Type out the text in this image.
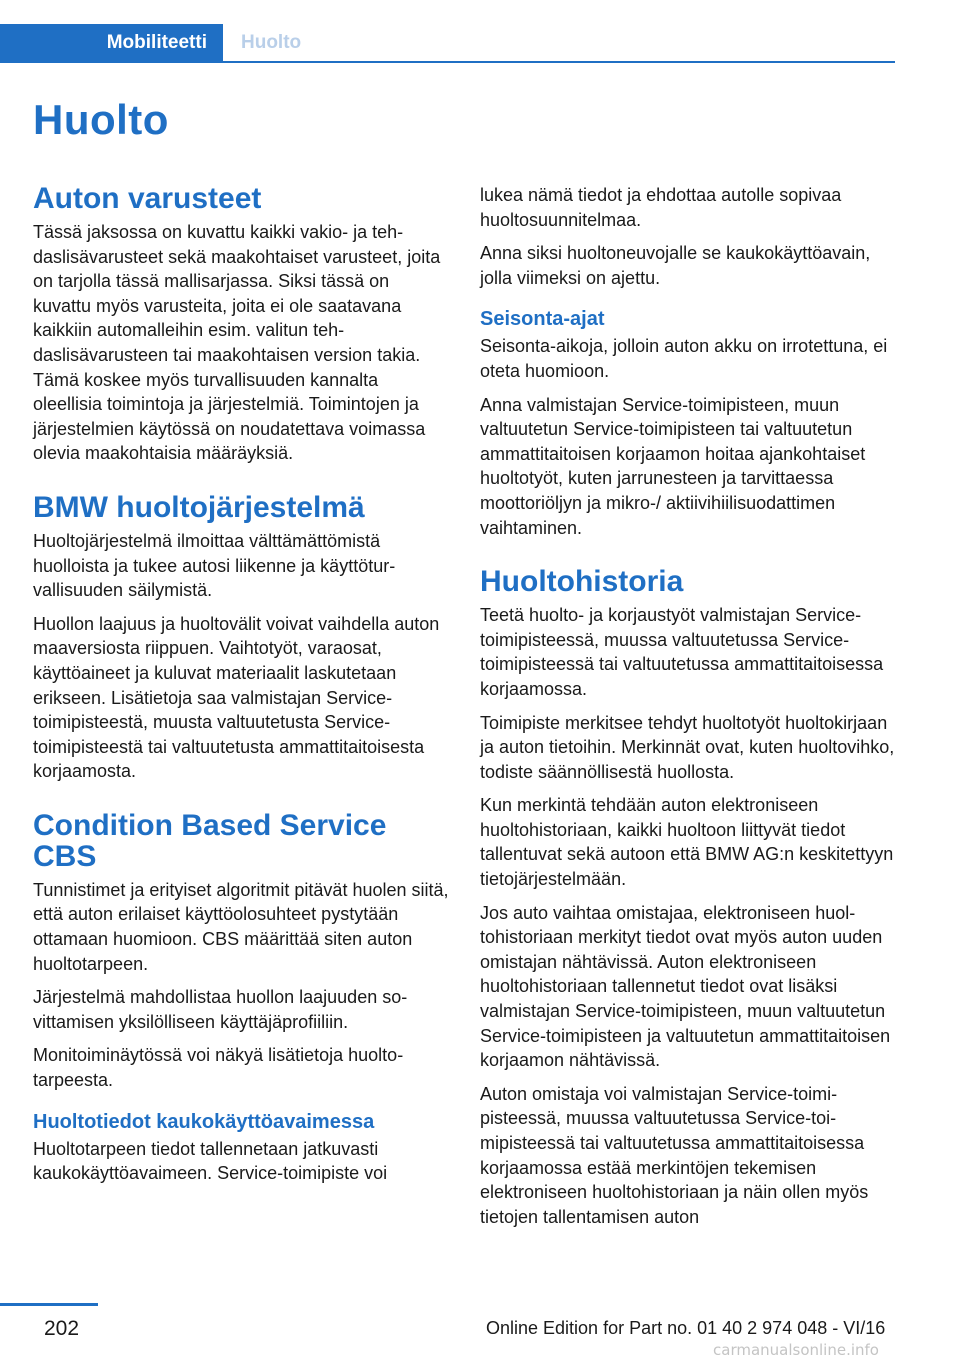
Mobiliteetti	Huolto
Huolto
Auton varusteet

Tässä jaksossa on kuvattu kaikki vakio- ja tehdaslisävarusteet sekä maakohtaiset varusteet, joita on tarjolla tässä mallisarjassa. Siksi tässä on kuvattu myös varusteita, joita ei ole saatavana kaikkiin automalleihin esim. valitun tehdaslisävarusteen tai maakohtaisen version takia. Tämä koskee myös turvallisuuden kannalta oleellisia toimintoja ja järjestelmiä. Toimintojen ja järjestelmien käytössä on noudatettava voimassa olevia maakohtaisia määräyksiä.

BMW huoltojärjestelmä

Huoltojärjestelmä ilmoittaa välttämättömistä huolloista ja tukee autosi liikenne ja käyttöturvallisuuden säilymistä.

Huollon laajuus ja huoltovälit voivat vaihdella auton maaversiosta riippuen. Vaihtotyöt, varaosat, käyttöaineet ja kuluvat materiaalit laskutetaan erikseen. Lisätietoja saa valmistajan Service-toimipisteestä, muusta valtuutetusta Service-toimipisteestä tai valtuutetusta ammattitaitoisesta korjaamosta.

Condition Based Service CBS

Tunnistimet ja erityiset algoritmit pitävät huolen siitä, että auton erilaiset käyttöolosuhteet pystytään ottamaan huomioon. CBS määrittää siten auton huoltotarpeen.

Järjestelmä mahdollistaa huollon laajuuden sovittamisen yksilölliseen käyttäjäprofiiliin.

Monitoiminäytössä voi näkyä lisätietoja huoltotarpeesta.

Huoltotiedot kaukokäyttöavaimessa

Huoltotarpeen tiedot tallennetaan jatkuvasti kaukokäyttöavaimeen. Service-toimipiste voi

lukea nämä tiedot ja ehdottaa autolle sopivaa huoltosuunnitelmaa.

Anna siksi huoltoneuvojalle se kaukokäyttöavain, jolla viimeksi on ajettu.

Seisonta-ajat

Seisonta-aikoja, jolloin auton akku on irrotettuna, ei oteta huomioon.

Anna valmistajan Service-toimipisteen, muun valtuutetun Service-toimipisteen tai valtuutetun ammattitaitoisen korjaamon hoitaa ajankohtaiset huoltotyöt, kuten jarrunesteen ja tarvittaessa moottoriöljyn ja mikro-/ aktiivihiilisuodattimen vaihtaminen.

Huoltohistoria

Teetä huolto- ja korjaustyöt valmistajan Service-toimipisteessä, muussa valtuutetussa Service-toimipisteessä tai valtuutetussa ammattitaitoisessa korjaamossa.

Toimipiste merkitsee tehdyt huoltotyöt huoltokirjaan ja auton tietoihin. Merkinnät ovat, kuten huoltovihko, todiste säännöllisestä huollosta.

Kun merkintä tehdään auton elektroniseen huoltohistoriaan, kaikki huoltoon liittyvät tiedot tallentuvat sekä autoon että BMW AG:n keskitettyyn tietojärjestelmään.

Jos auto vaihtaa omistajaa, elektroniseen huoltohistoriaan merkityt tiedot ovat myös auton uuden omistajan nähtävissä. Auton elektroniseen huoltohistoriaan tallennetut tiedot ovat lisäksi valmistajan Service-toimipisteen, muun valtuutetun Service-toimipisteen ja valtuutetun ammattitaitoisen korjaamon nähtävissä.

Auton omistaja voi valmistajan Service-toimipisteessä, muussa valtuutetussa Service-toimipisteessä tai valtuutetussa ammattitaitoisessa korjaamossa estää merkintöjen tekemisen elektroniseen huoltohistoriaan ja näin ollen myös tietojen tallentamisen auton

202	Online Edition for Part no. 01 40 2 974 048 - VI/16
carmanualsonline.info
